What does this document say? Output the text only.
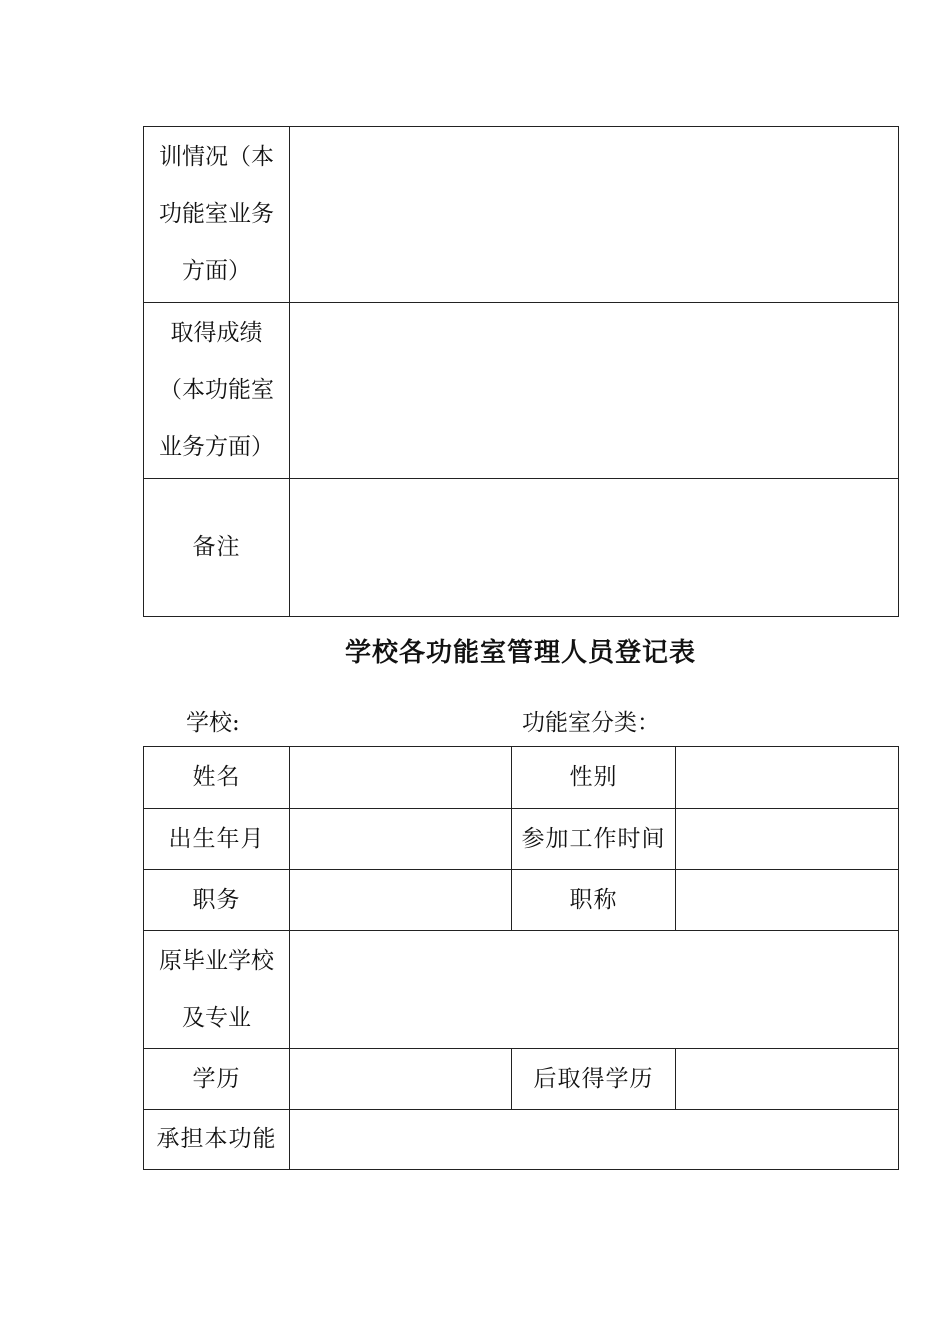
训情况（本
功能室业务
方面）	

取得成绩
（本功能室
业务方面）	

备注	
学校各功能室管理人员登记表
学校:	功能室分类：
姓名		性别	
出生年月		参加工作时间	
职务		职称	

原毕业学校
及专业			

学历		后取得学历	
承担本功能			
